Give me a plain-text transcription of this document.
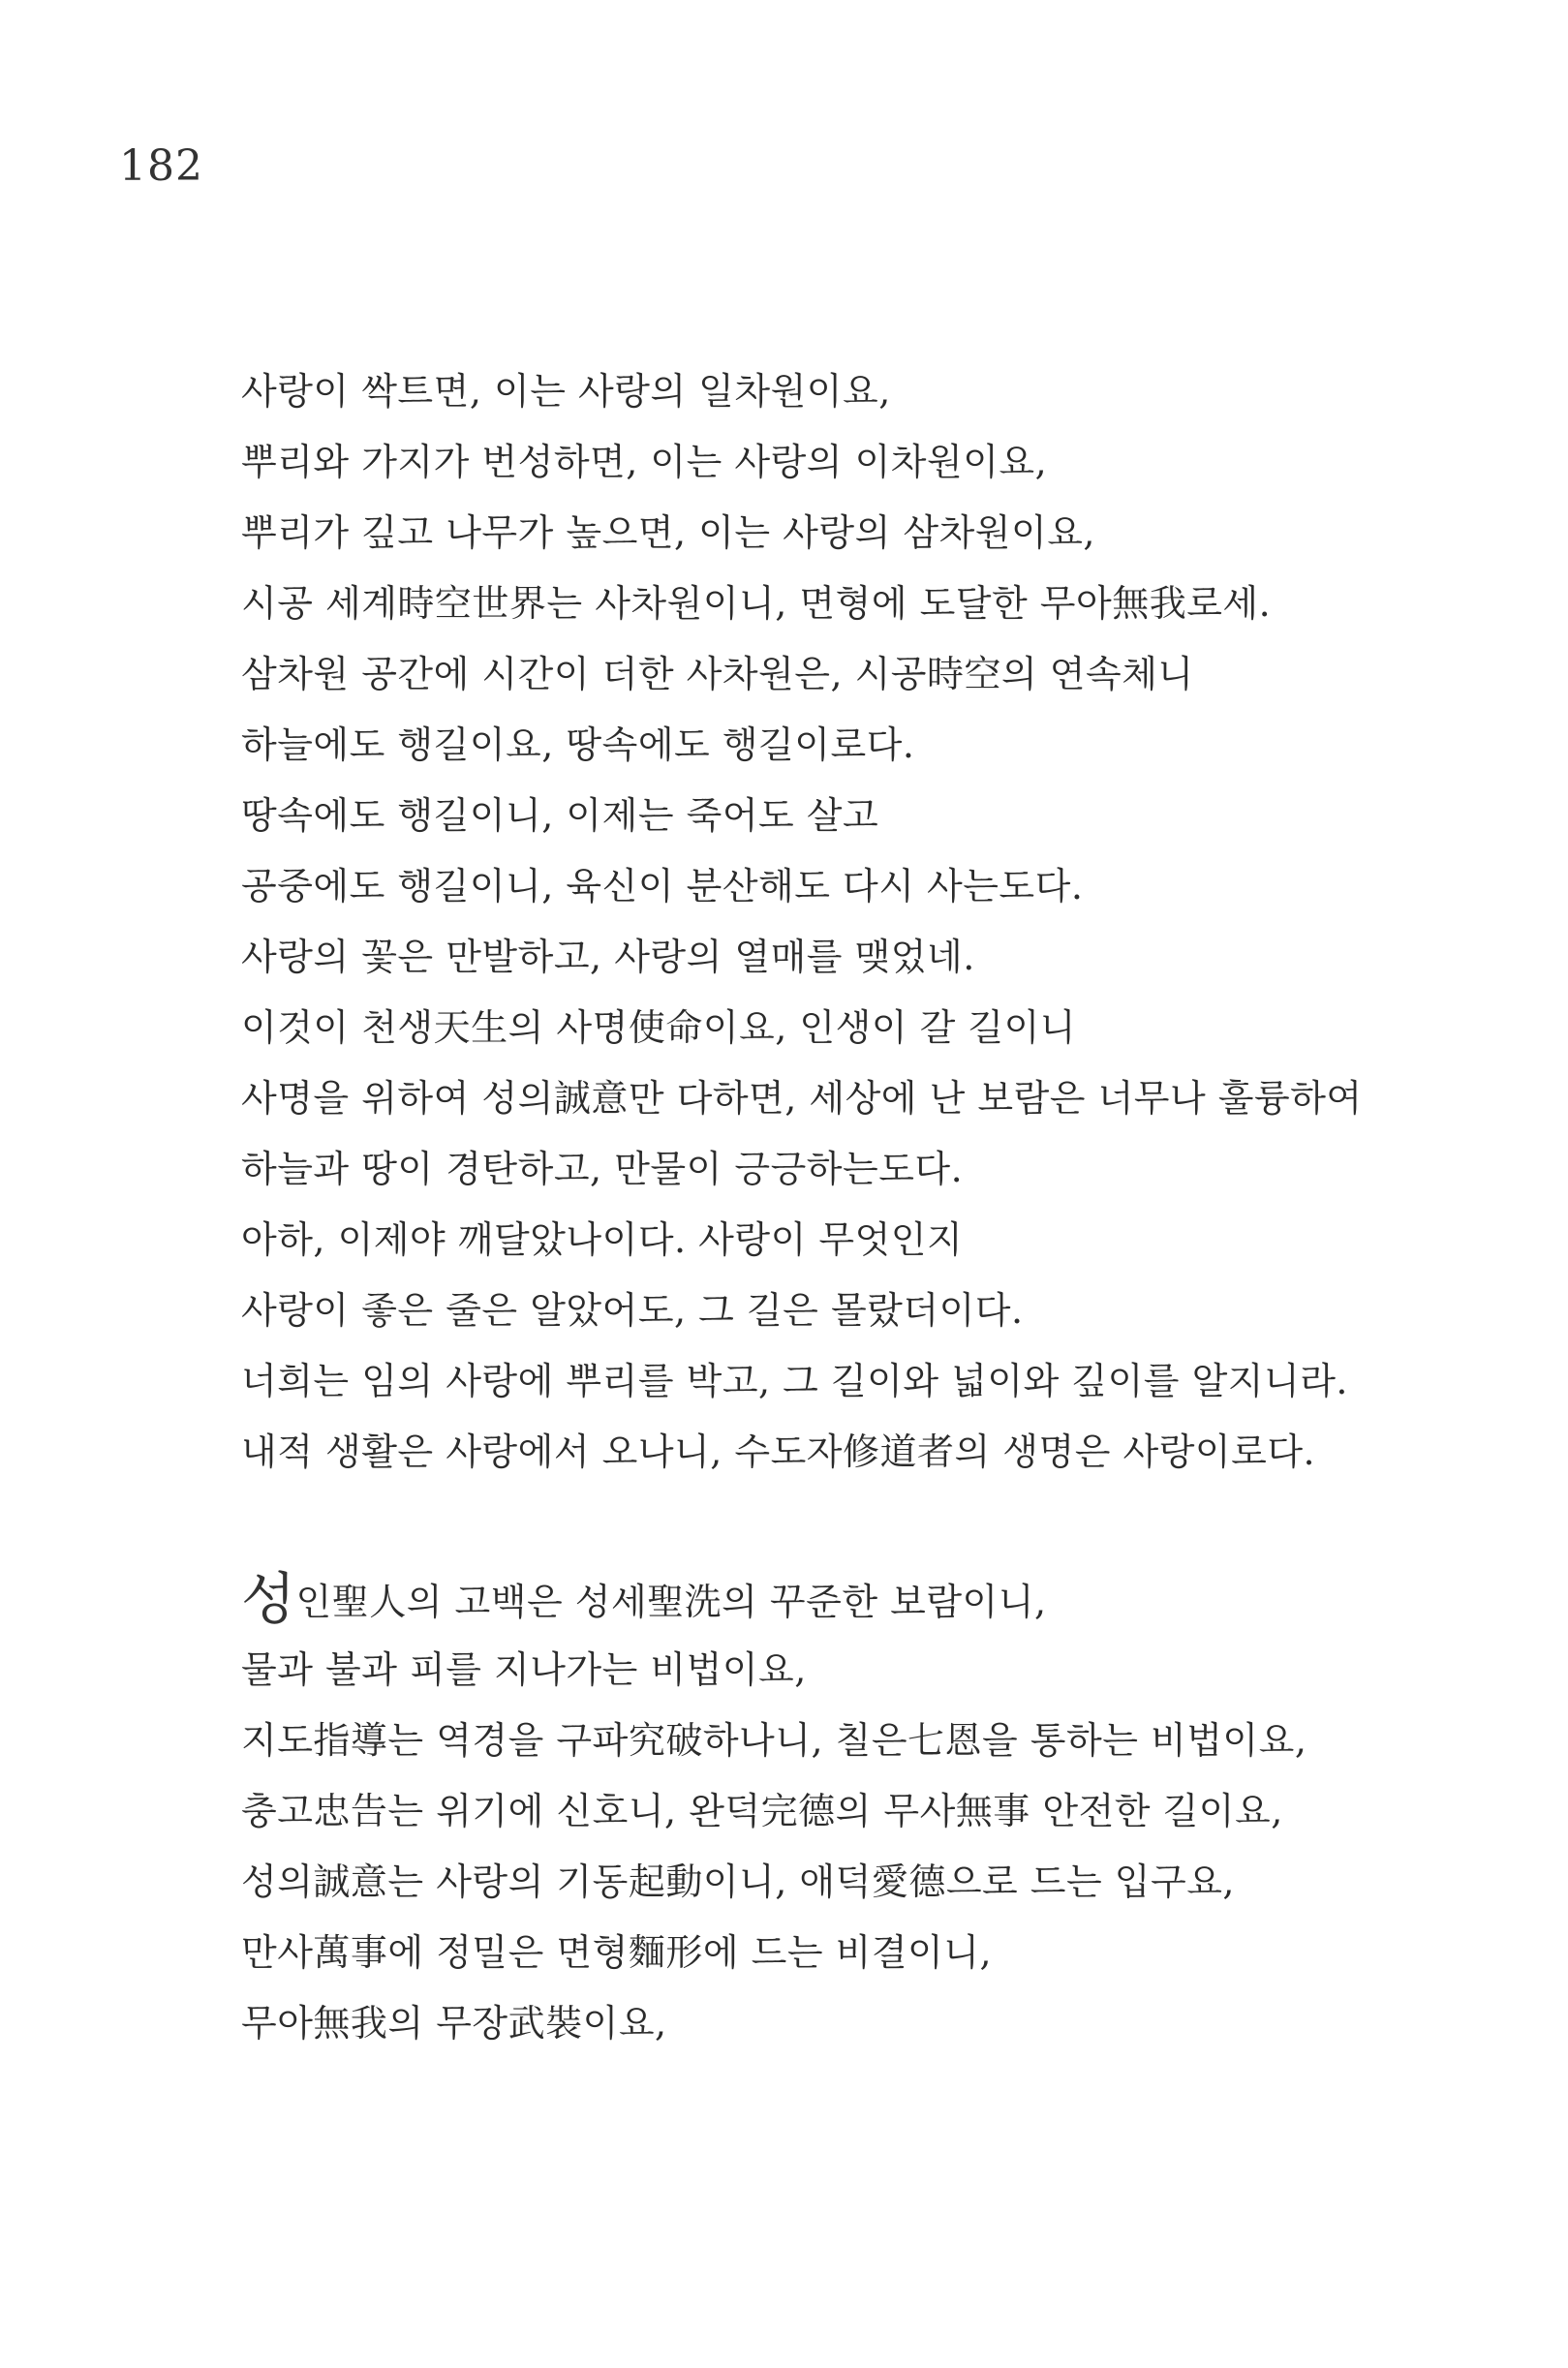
182
사랑이 싹트면, 이는 사랑의 일차원이요,
뿌리와 가지가 번성하면, 이는 사랑의 이차원이요,
뿌리가 깊고 나무가 높으면, 이는 사랑의 삼차원이요,
시공 세계時空世界는 사차원이니, 면형에 도달한 무아無我로세.
삼차원 공간에 시간이 더한 사차원은, 시공時空의 연속체니
하늘에도 행길이요, 땅속에도 행길이로다.
땅속에도 행길이니, 이제는 죽어도 살고
공중에도 행길이니, 육신이 분산해도 다시 사는도다.
사랑의 꽃은 만발하고, 사랑의 열매를 맺었네.
이것이 천생天生의 사명使命이요, 인생이 갈 길이니
사명을 위하여 성의誠意만 다하면, 세상에 난 보람은 너무나 훌륭하여
하늘과 땅이 경탄하고, 만물이 긍긍하는도다.
아하, 이제야 깨달았나이다. 사랑이 무엇인지
사랑이 좋은 줄은 알았어도, 그 길은 몰랐더이다.
너희는 임의 사랑에 뿌리를 박고, 그 길이와 넓이와 깊이를 알지니라.
내적 생활은 사랑에서 오나니, 수도자修道者의 생명은 사랑이로다.
성인聖人의 고백은 성세聖洗의 꾸준한 보람이니,
물과 불과 피를 지나가는 비법이요,
지도指導는 역경을 구파究破하나니, 칠은七恩을 통하는 비법이요,
충고忠告는 위기에 신호니, 완덕完德의 무사無事 안전한 길이요,
성의誠意는 사랑의 기동起動이니, 애덕愛德으로 드는 입구요,
만사萬事에 정밀은 면형麵形에 드는 비결이니,
무아無我의 무장武裝이요,
